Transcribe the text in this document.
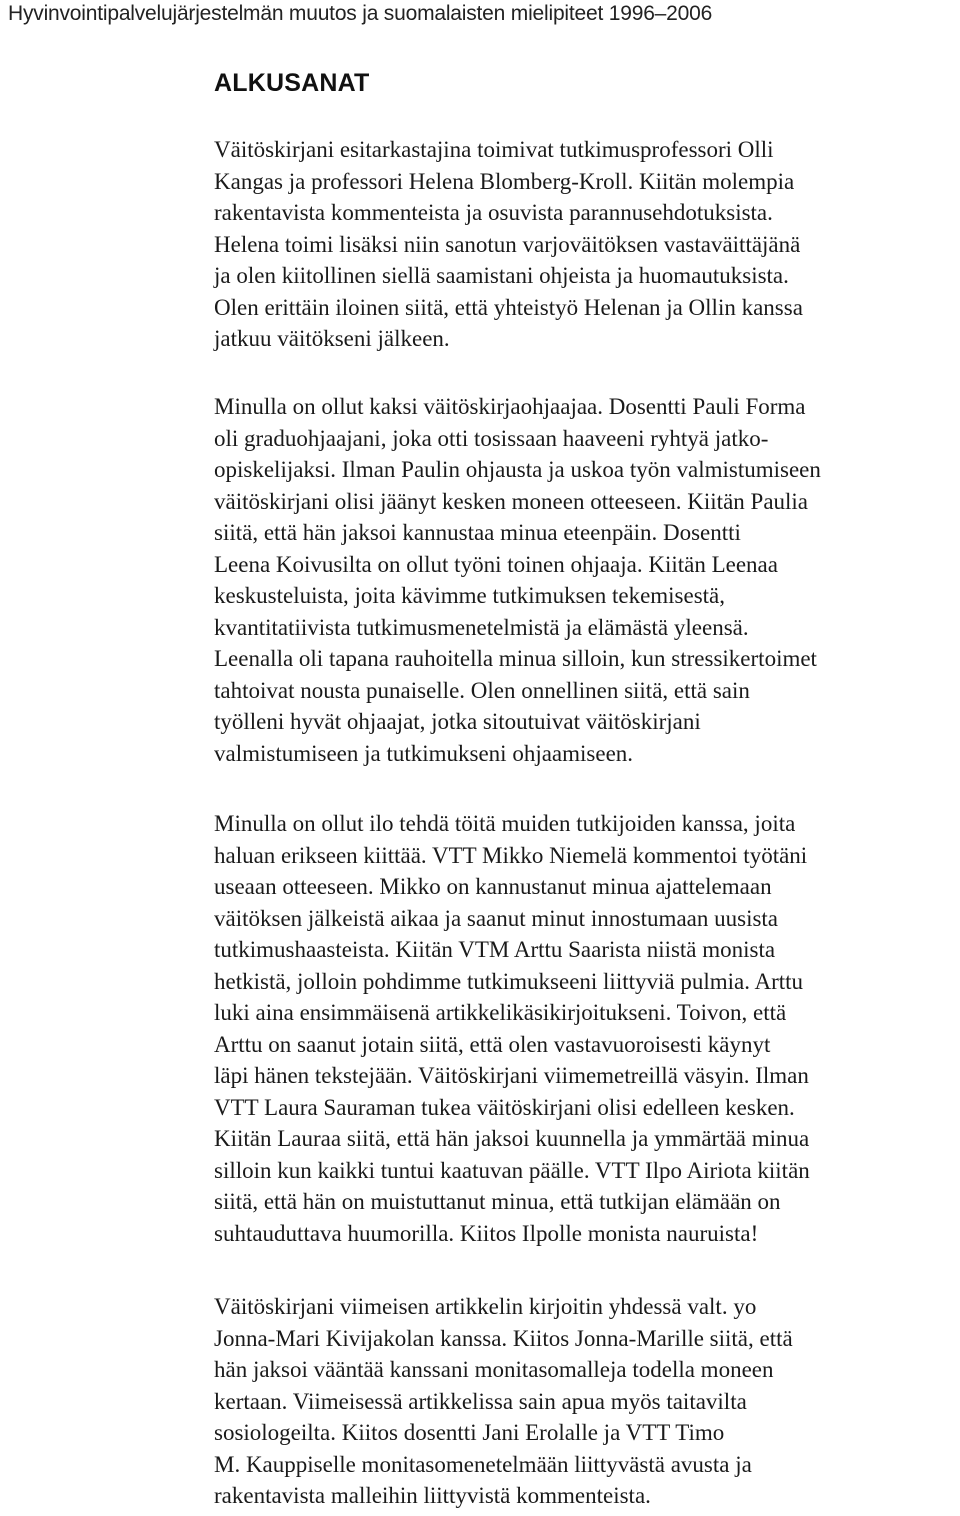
Hyvinvointipalvelujärjestelmän muutos ja suomalaisten mielipiteet 1996–2006
ALKUSANAT

Väitöskirjani esitarkastajina toimivat tutkimusprofessori Olli
Kangas ja professori Helena Blomberg-Kroll. Kiitän molempia
rakentavista kommenteista ja osuvista parannusehdotuksista.
Helena toimi lisäksi niin sanotun varjoväitöksen vastaväittäjänä
ja olen kiitollinen siellä saamistani ohjeista ja huomautuksista.
Olen erittäin iloinen siitä, että yhteistyö Helenan ja Ollin kanssa
jatkuu väitökseni jälkeen.

Minulla on ollut kaksi väitöskirjaohjaajaa. Dosentti Pauli Forma
oli graduohjaajani, joka otti tosissaan haaveeni ryhtyä jatko-
opiskelijaksi. Ilman Paulin ohjausta ja uskoa työn valmistumiseen
väitöskirjani olisi jäänyt kesken moneen otteeseen. Kiitän Paulia
siitä, että hän jaksoi kannustaa minua eteenpäin. Dosentti
Leena Koivusilta on ollut työni toinen ohjaaja. Kiitän Leenaa
keskusteluista, joita kävimme tutkimuksen tekemisestä,
kvantitatiivista tutkimusmenetelmistä ja elämästä yleensä.
Leenalla oli tapana rauhoitella minua silloin, kun stressikertoimet
tahtoivat nousta punaiselle. Olen onnellinen siitä, että sain
työlleni hyvät ohjaajat, jotka sitoutuivat väitöskirjani
valmistumiseen ja tutkimukseni ohjaamiseen.

Minulla on ollut ilo tehdä töitä muiden tutkijoiden kanssa, joita
haluan erikseen kiittää. VTT Mikko Niemelä kommentoi työtäni
useaan otteeseen. Mikko on kannustanut minua ajattelemaan
väitöksen jälkeistä aikaa ja saanut minut innostumaan uusista
tutkimushaasteista. Kiitän VTM Arttu Saarista niistä monista
hetkistä, jolloin pohdimme tutkimukseeni liittyviä pulmia. Arttu
luki aina ensimmäisenä artikkelikäsikirjoitukseni. Toivon, että
Arttu on saanut jotain siitä, että olen vastavuoroisesti käynyt
läpi hänen tekstejään. Väitöskirjani viimemetreillä väsyin. Ilman
VTT Laura Sauraman tukea väitöskirjani olisi edelleen kesken.
Kiitän Lauraa siitä, että hän jaksoi kuunnella ja ymmärtää minua
silloin kun kaikki tuntui kaatuvan päälle. VTT Ilpo Airiota kiitän
siitä, että hän on muistuttanut minua, että tutkijan elämään on
suhtauduttava huumorilla. Kiitos Ilpolle monista nauruista!

Väitöskirjani viimeisen artikkelin kirjoitin yhdessä valt. yo
Jonna-Mari Kivijakolan kanssa. Kiitos Jonna-Marille siitä, että
hän jaksoi vääntää kanssani monitasomalleja todella moneen
kertaan. Viimeisessä artikkelissa sain apua myös taitavilta
sosiologeilta. Kiitos dosentti Jani Erolalle ja VTT Timo
M. Kauppiselle monitasomenetelmään liittyvästä avusta ja
rakentavista malleihin liittyvistä kommenteista.
